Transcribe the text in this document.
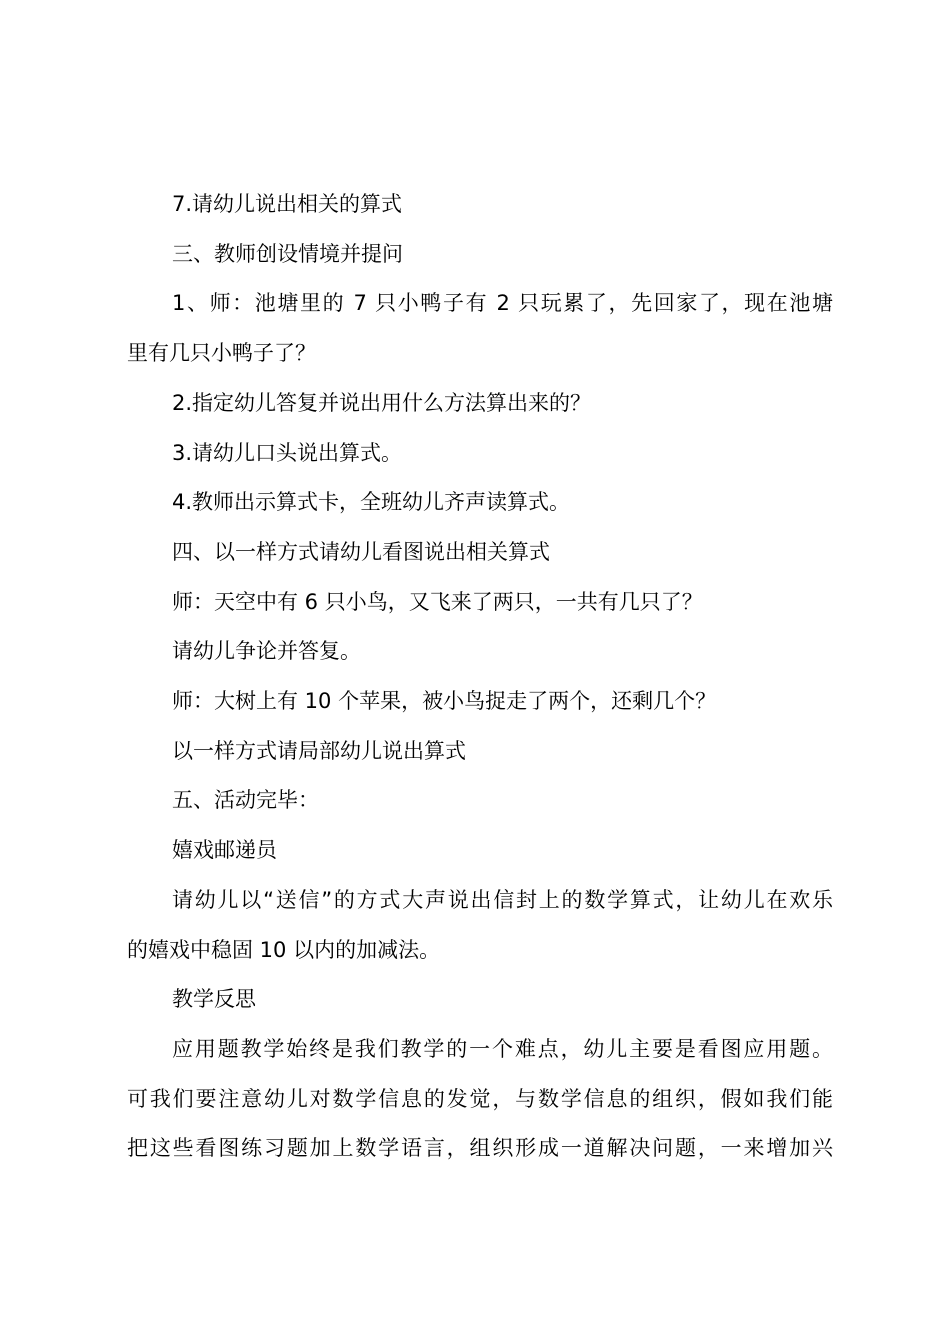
7.请幼儿说出相关的算式

三、教师创设情境并提问

1、师：池塘里的 7 只小鸭子有 2 只玩累了，先回家了，现在池塘

里有几只小鸭子了？

2.指定幼儿答复并说出用什么方法算出来的？

3.请幼儿口头说出算式。

4.教师出示算式卡，全班幼儿齐声读算式。

四、以一样方式请幼儿看图说出相关算式

师：天空中有 6 只小鸟，又飞来了两只，一共有几只了？

请幼儿争论并答复。

师：大树上有 10 个苹果，被小鸟捉走了两个，还剩几个？

以一样方式请局部幼儿说出算式

五、活动完毕：

嬉戏邮递员

请幼儿以“送信”的方式大声说出信封上的数学算式，让幼儿在欢乐

的嬉戏中稳固 10 以内的加减法。

教学反思

应用题教学始终是我们教学的一个难点，幼儿主要是看图应用题。

可我们要注意幼儿对数学信息的发觉，与数学信息的组织，假如我们能

把这些看图练习题加上数学语言，组织形成一道解决问题，一来增加兴
